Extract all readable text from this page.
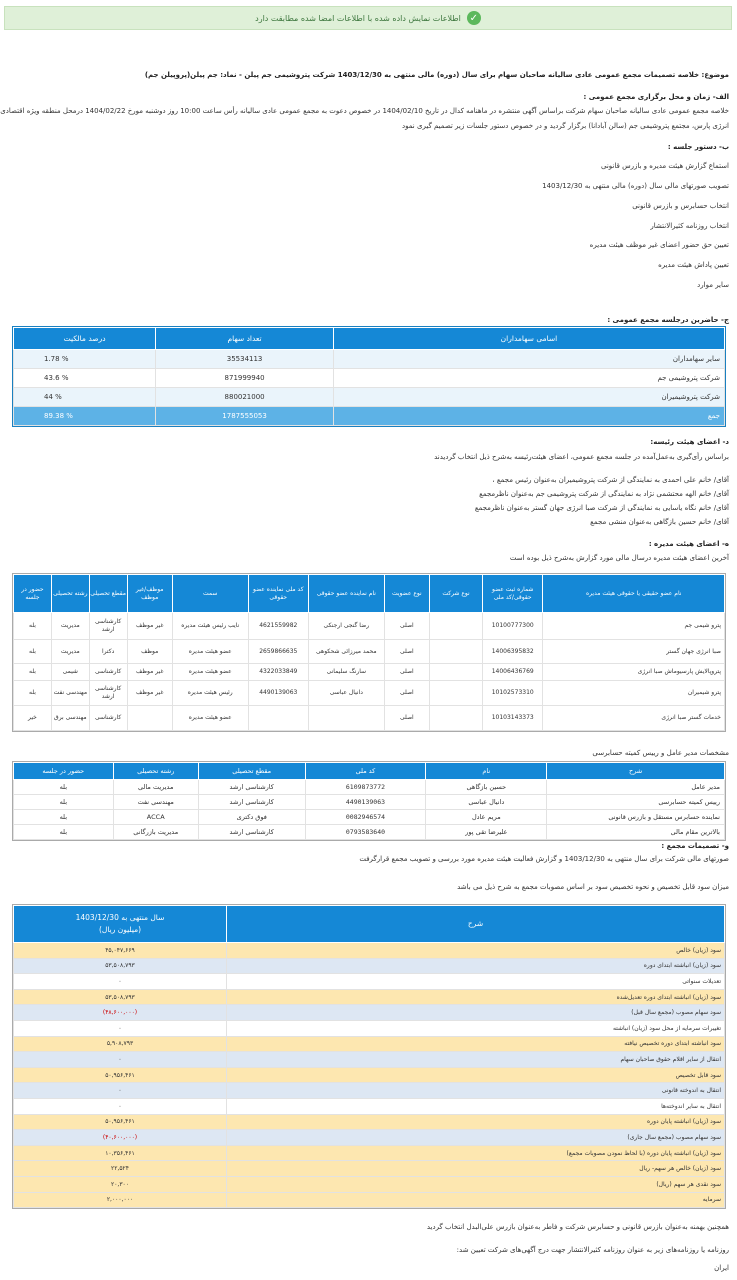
✓
اطلاعات نمایش داده شده با اطلاعات امضا شده مطابقت دارد
موضوع: خلاصه تصمیمات مجمع عمومی عادی سالیانه صاحبان سهام برای سال (دوره) مالی منتهی به 1403/12/30 شرکت پتروشیمی جم پیلن - نماد: جم پیلن(پروپیلن جم)
الف- زمان و محل برگزاری مجمع عمومی :
خلاصه مجمع عمومی عادی سالیانه صاحبان سهام شرکت براساس آگهی منتشره در ماهنامه کدال در تاریخ 1404/02/10 در خصوص دعوت به مجمع عمومی عادی سالیانه رأس ساعت 10:00 روز دوشنبه مورخ 1404/02/22 درمحل منطقه ویژه اقتصادی
انرژی پارس، مجتمع پتروشیمی جم (سالن آبادانا) برگزار گردید و در خصوص دستور جلسات زیر تصمیم گیری نمود
ب- دستور جلسه :
استماع گزارش هیئت مدیره و بازرس قانونی
تصویب صورتهای مالی سال (دوره) مالی منتهی به 1403/12/30
انتخاب حسابرس و بازرس قانونی
انتخاب روزنامه کثیرالانتشار
تعیین حق حضور اعضای غیر موظف هیئت مدیره
تعیین پاداش هیئت مدیره
سایر موارد
ج- حاضرین درجلسه مجمع عمومی :
اسامی سهامداران	تعداد سهام	درصد مالکیت
سایر سهامداران	35534113	% 1.78
شرکت پتروشیمی جم	871999940	% 43.6
شرکت پتروشیمیران	880021000	% 44
جمع	1787555053	% 89.38
د- اعضای هیئت رئیسه:
براساس رأی‌گیری به‌عمل‌آمده در جلسه مجمع عمومی، اعضای هیئت‌رئیسه به‌شرح ذیل انتخاب گردیدند
آقای/ خانم علی احمدی به نمایندگی از شرکت پتروشیمیران به‌عنوان رئیس مجمع ،
آقای/ خانم الهه محتشمی نژاد به نمایندگی از شرکت پتروشیمی جم به‌عنوان ناظرمجمع
آقای/ خانم نگاه یاسایی به نمایندگی از شرکت صبا انرژی جهان گستر به‌عنوان ناظرمجمع
آقای/ خانم حسین بازگاهی به‌عنوان منشی مجمع
ه- اعضای هیئت مدیره :
آخرین اعضای هیئت مدیره درسال مالی مورد گزارش به‌شرح ذیل بوده است
نام عضو حقیقی یا حقوقی هیئت مدیره	شماره ثبت عضو حقوقی/کد ملی	نوع شرکت	نوع عضویت	نام نماینده عضو حقوقی	کد ملی نماینده عضو حقوقی	سمت	موظف/غیر موظف	مقطع تحصیلی	رشته تحصیلی	حضور در جلسه
پترو شیمی جم	10100777300		اصلی	رضا گنجی ارجنکی	4621559982	نایب رئیس هیئت مدیره	غیر موظف	کارشناسی ارشد	مدیریت	بله
صبا انرژی جهان گستر	14006395832		اصلی	محمد میرزائی شحکوهی	2659866635	عضو هیئت مدیره	موظف	دکترا	مدیریت	بله
پتروپالایش پارسیوماش صبا انرژی	14006436769		اصلی	سارنگ سلیمانی	4322033849	عضو هیئت مدیره	غیر موظف	کارشناسی	شیمی	بله
پترو شیمیران	10102573310		اصلی	دانیال عباسی	4490139063	رئیس هیئت مدیره	غیر موظف	کارشناسی ارشد	مهندسی نفت	بله
خدمات گستر صبا انرژی	10103143373		اصلی			عضو هیئت مدیره		کارشناسی	مهندسی برق	خیر
مشخصات مدیر عامل و رییس کمیته حسابرسی
شرح	نام	کد ملی	مقطع تحصیلی	رشته تحصیلی	حضور در جلسه
مدیر عامل	حسین بازگاهی	6109873772	کارشناسی ارشد	مدیریت مالی	بله
رییس کمیته حسابرسی	دانیال عباسی	4490139063	کارشناسی ارشد	مهندسی نفت	بله
نماینده حسابرس مستقل و بازرس قانونی	مریم عادل	0082946574	فوق دکتری	ACCA	بله
بالاترین مقام مالی	علیرضا تقی پور	0793583640	کارشناسی ارشد	مدیریت بازرگانی	بله
و- تصمیمات مجمع :
صورتهای مالی شرکت برای سال منتهی به 1403/12/30 و گزارش فعالیت هیئت مدیره مورد بررسی و تصویب مجمع قرارگرفت
میزان سود قابل تخصیص و نحوه تخصیص سود بر اساس مصوبات مجمع به شرح ذیل می باشد
شرح	سال منتهی به 1403/12/30
(میلیون ریال)

سود (زیان) خالص	۴۵,۰۴۷,۶۶۹
سود (زیان) انباشته ابتدای دوره	۵۳,۵۰۸,۷۹۳
تعدیلات سنواتی	۰
سود (زیان) انباشته ابتدای دوره تعدیل‌شده	۵۳,۵۰۸,۷۹۳
سود سهام مصوب (مجمع سال قبل)	(۴۸,۶۰۰,۰۰۰)
تغییرات سرمایه از محل سود (زیان) انباشته	۰
سود انباشته ابتدای دوره تخصیص نیافته	۵,۹۰۸,۷۹۳
انتقال از سایر اقلام حقوق صاحبان سهام	۰
سود قابل تخصیص	۵۰,۹۵۶,۴۶۱
انتقال به اندوخته قانونی	۰
انتقال به سایر اندوخته‌ها	۰
سود (زیان) انباشته پایان دوره	۵۰,۹۵۶,۴۶۱
سود سهام مصوب (مجمع سال جاری)	(۴۰,۶۰۰,۰۰۰)
سود (زیان) انباشته پایان دوره (با لحاظ نمودن مصوبات مجمع)	۱۰,۳۵۶,۴۶۱
سود (زیان) خالص هر سهم- ریال	۲۲,۵۲۴
سود نقدی هر سهم (ریال)	۲۰,۳۰۰
سرمایه	۲,۰۰۰,۰۰۰
همچنین بهمنه به‌عنوان بازرس قانونی و حسابرس شرکت و فاطر به‌عنوان بازرس علی‌البدل انتخاب گردید
روزنامه یا روزنامه‌های زیر به عنوان روزنامه کثیرالانتشار جهت درج آگهی‌های شرکت تعیین شد:
ایران
